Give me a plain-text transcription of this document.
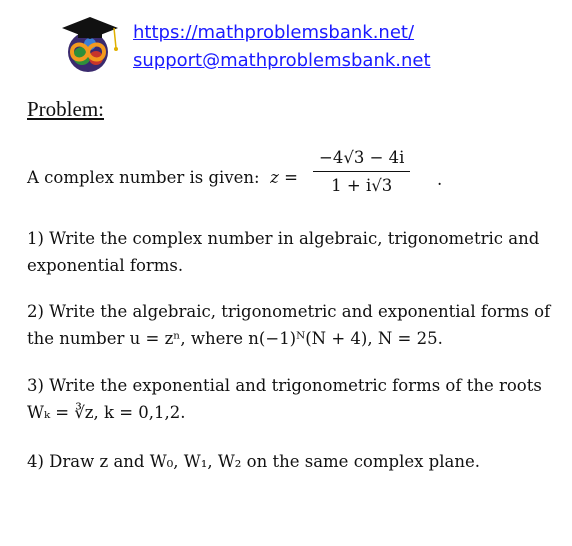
https://mathproblemsbank.net/
support@mathproblemsbank.net
Problem:
A complex number is given: $z = \frac{-4√3 - 4i}{1 + i√3}$ .
1) Write the complex number in algebraic, trigonometric and exponential forms.
2) Write the algebraic, trigonometric and exponential forms of the number u = zⁿ, where n(−1)ᴺ(N + 4), N = 25.
3) Write the exponential and trigonometric forms of the roots Wₖ = ∛z, k = 0,1,2.
4) Draw z and W₀, W₁, W₂ on the same complex plane.
